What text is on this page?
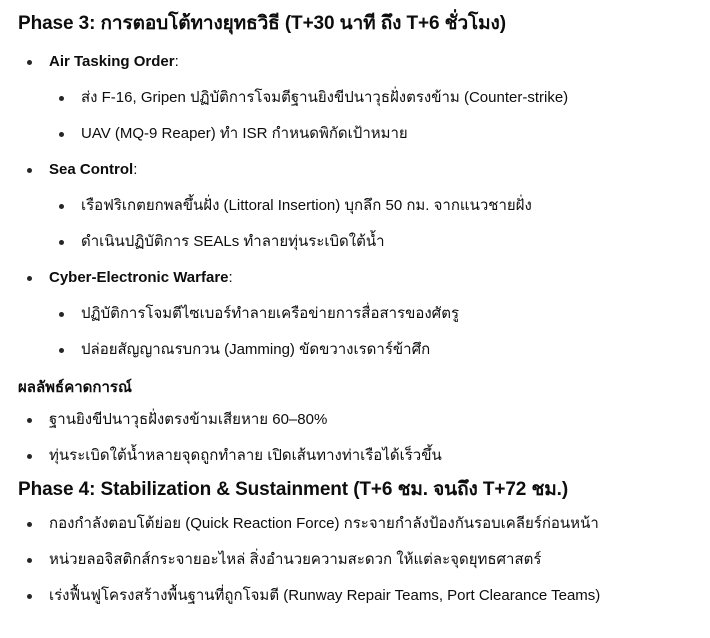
Phase 3: การตอบโต้ทางยุทธวิธี (T+30 นาที ถึง T+6 ชั่วโมง)
Air Tasking Order:
ส่ง F-16, Gripen ปฏิบัติการโจมตีฐานยิงขีปนาวุธฝั่งตรงข้าม (Counter-strike)
UAV (MQ-9 Reaper) ทำ ISR กำหนดพิกัดเป้าหมาย
Sea Control:
เรือฟริเกตยกพลขึ้นฝั่ง (Littoral Insertion) บุกลึก 50 กม. จากแนวชายฝั่ง
ดำเนินปฏิบัติการ SEALs ทำลายทุ่นระเบิดใต้น้ำ
Cyber-Electronic Warfare:
ปฏิบัติการโจมตีไซเบอร์ทำลายเครือข่ายการสื่อสารของศัตรู
ปล่อยสัญญาณรบกวน (Jamming) ขัดขวางเรดาร์ข้าศึก
ผลลัพธ์คาดการณ์
ฐานยิงขีปนาวุธฝั่งตรงข้ามเสียหาย 60–80%
ทุ่นระเบิดใต้น้ำหลายจุดถูกทำลาย เปิดเส้นทางท่าเรือได้เร็วขึ้น
Phase 4: Stabilization & Sustainment (T+6 ชม. จนถึง T+72 ชม.)
กองกำลังตอบโต้ย่อย (Quick Reaction Force) กระจายกำลังป้องกันรอบเคลียร์ก่อนหน้า
หน่วยลอจิสติกส์กระจายอะไหล่ สิ่งอำนวยความสะดวก ให้แต่ละจุดยุทธศาสตร์
เร่งฟื้นฟูโครงสร้างพื้นฐานที่ถูกโจมตี (Runway Repair Teams, Port Clearance Teams)
